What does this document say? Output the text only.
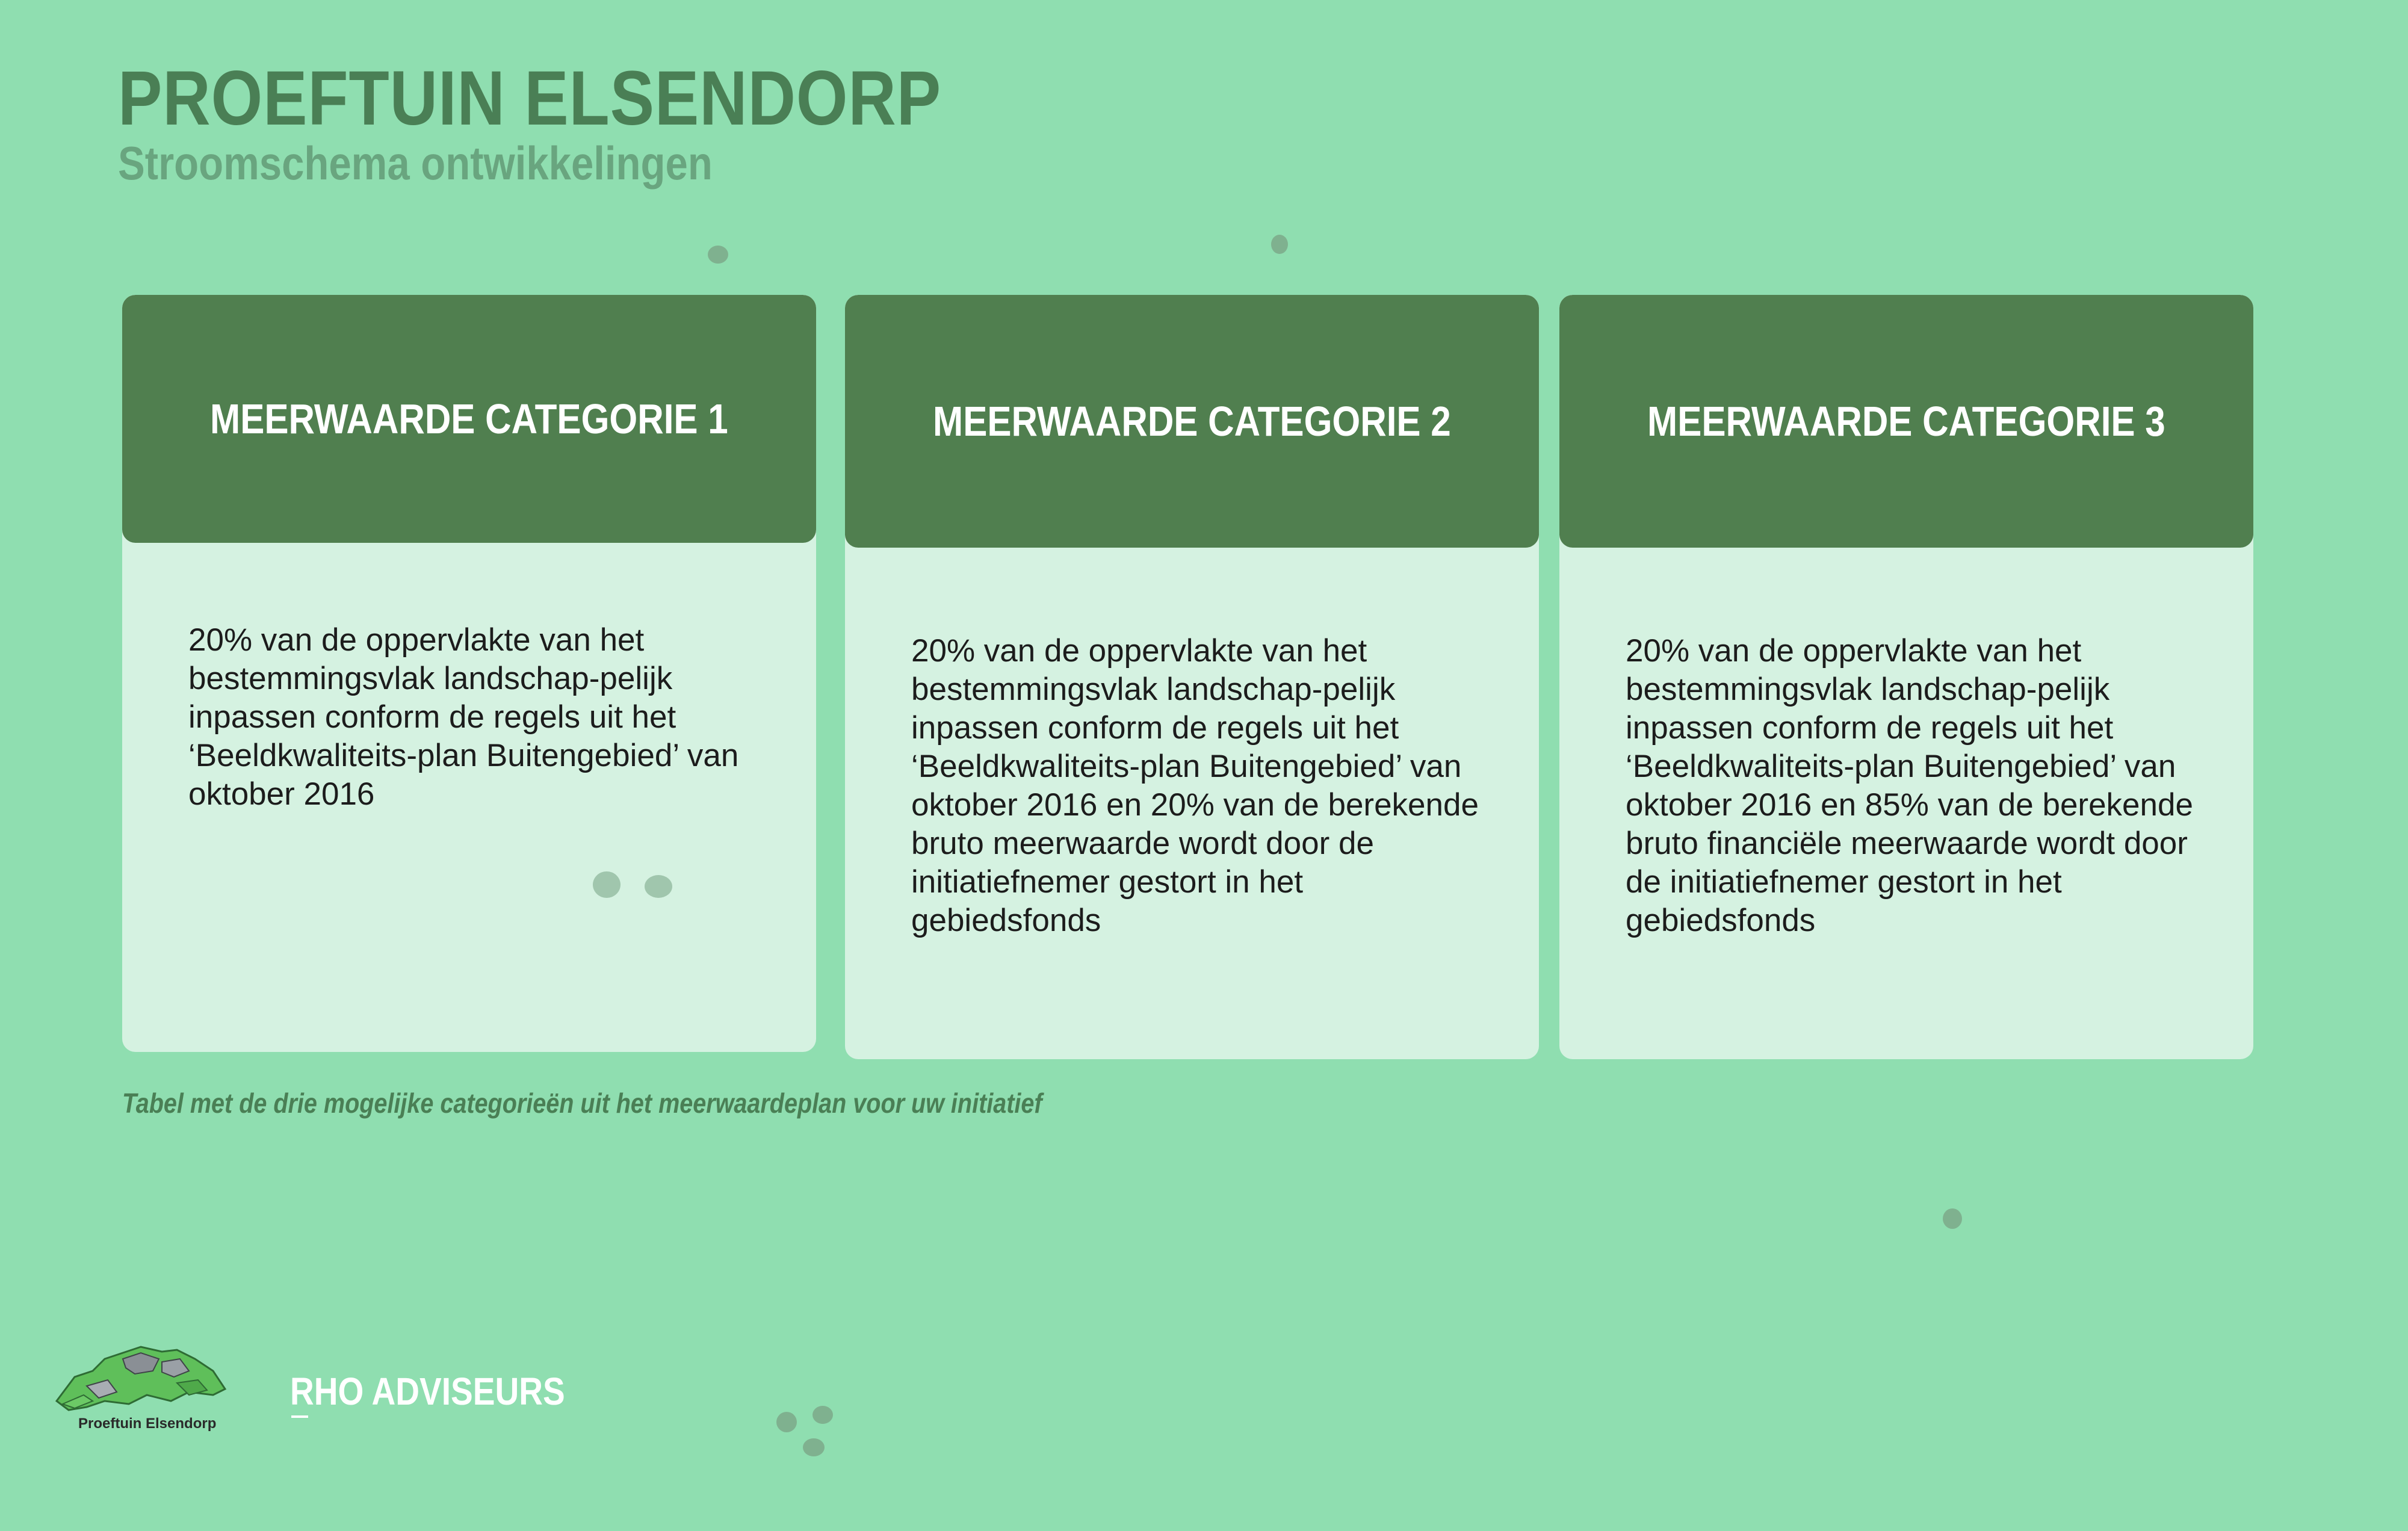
PROEFTUIN ELSENDORP
Stroomschema ontwikkelingen
MEERWAARDE CATEGORIE 1
20% van de oppervlakte van het bestemmingsvlak landschap-pelijk inpassen conform de regels uit het ‘Beeldkwaliteits-plan Buitengebied’ van oktober 2016
MEERWAARDE CATEGORIE 2
20% van de oppervlakte van het bestemmingsvlak landschap-pelijk inpassen conform de regels uit het ‘Beeldkwaliteits-plan Buitengebied’ van oktober 2016 en 20% van de berekende bruto meerwaarde wordt door de initiatiefnemer gestort in het gebiedsfonds
MEERWAARDE CATEGORIE 3
20% van de oppervlakte van het bestemmingsvlak landschap-pelijk inpassen conform de regels uit het ‘Beeldkwaliteits-plan Buitengebied’ van oktober 2016 en 85% van de berekende bruto financiële meerwaarde wordt door de initiatiefnemer gestort in het gebiedsfonds
Tabel met de drie mogelijke categorieën uit het meerwaardeplan voor uw initiatief
Proeftuin Elsendorp
RHO ADVISEURS
